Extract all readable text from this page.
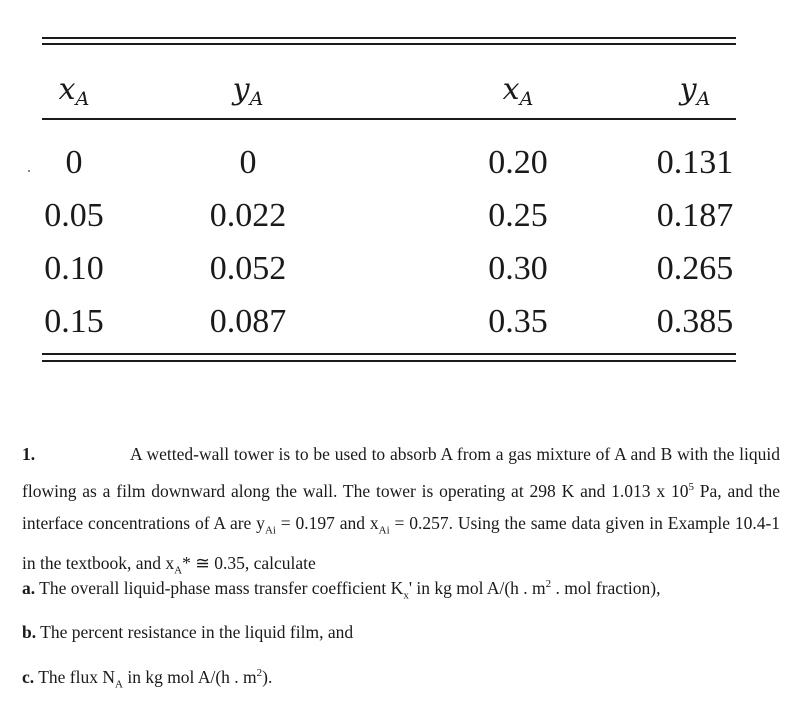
$x_A$	$y_A$	$x_A$	$y_A$
0	0	0.20	0.131
0.05	0.022	0.25	0.187
0.10	0.052	0.30	0.265
0.15	0.087	0.35	0.385
1.	A wetted-wall tower is to be used to absorb A from a gas mixture of A and B with the liquid flowing as a film downward along the wall. The tower is operating at 298 K and 1.013 x $10^5$ Pa, and the interface concentrations of A are $y_{Ai} = 0.197$ and $x_{Ai} = 0.257$. Using the same data given in Example 10.4-1 in the textbook, and $x_A*$ ≅ 0.35, calculate
a. The overall liquid-phase mass transfer coefficient $K_x'$ in kg mol A/(h . $m^2$ . mol fraction),
b. The percent resistance in the liquid film, and
c. The flux $N_A$ in kg mol A/(h . $m^2$).
